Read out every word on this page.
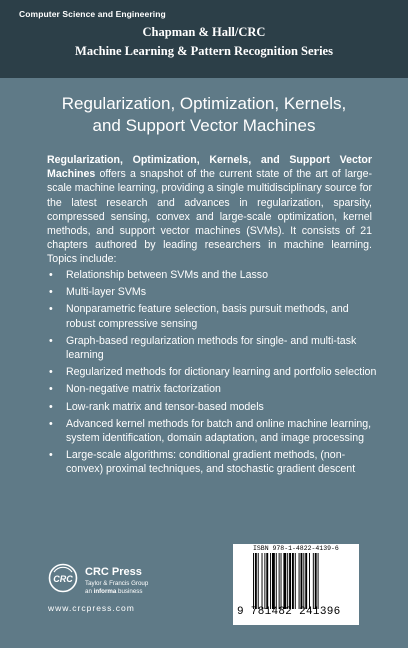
Computer Science and Engineering
Chapman & Hall/CRC
Machine Learning & Pattern Recognition Series
Regularization, Optimization, Kernels,
and Support Vector Machines
Regularization, Optimization, Kernels, and Support Vector Machines offers a snapshot of the current state of the art of large-scale machine learning, providing a single multidisciplinary source for the latest research and advances in regularization, sparsity, compressed sensing, convex and large-scale optimization, kernel methods, and support vector machines (SVMs). It consists of 21 chapters authored by leading researchers in machine learning. Topics include:
• Relationship between SVMs and the Lasso
• Multi-layer SVMs
• Nonparametric feature selection, basis pursuit methods, and robust compressive sensing
• Graph-based regularization methods for single- and multi-task learning
• Regularized methods for dictionary learning and portfolio selection
• Non-negative matrix factorization
• Low-rank matrix and tensor-based models
• Advanced kernel methods for batch and online machine learning, system identification, domain adaptation, and image processing
• Large-scale algorithms: conditional gradient methods, (non-convex) proximal techniques, and stochastic gradient descent
CRC
CRC Press
Taylor & Francis Group
an informa business
www.crcpress.com
ISBN 978-1-4822-4139-6
9 781482 241396
